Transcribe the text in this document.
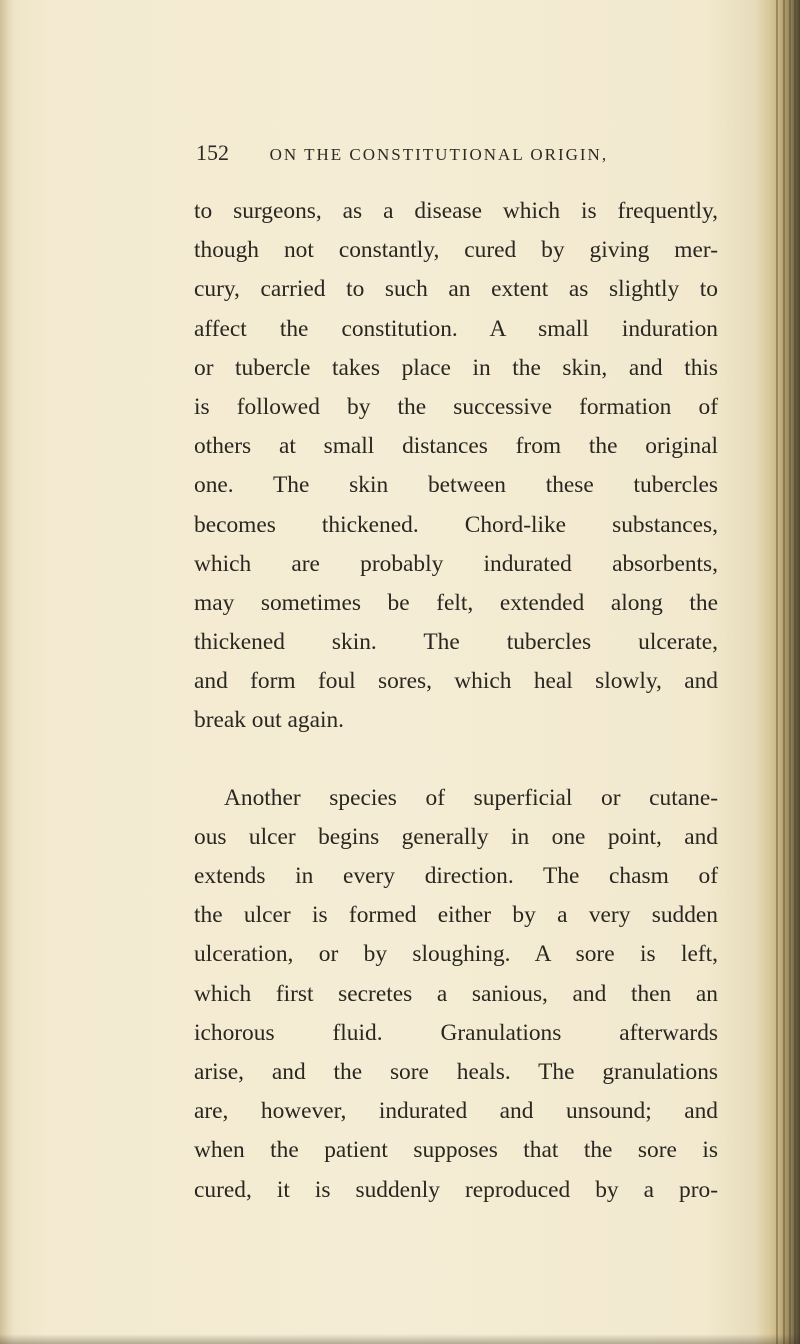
152 ON THE CONSTITUTIONAL ORIGIN,
to surgeons, as a disease which is frequently,
though not constantly, cured by giving mer-
cury, carried to such an extent as slightly to
affect the constitution. A small induration
or tubercle takes place in the skin, and this
is followed by the successive formation of
others at small distances from the original
one. The skin between these tubercles
becomes thickened. Chord-like substances,
which are probably indurated absorbents,
may sometimes be felt, extended along the
thickened skin. The tubercles ulcerate,
and form foul sores, which heal slowly, and
break out again.
Another species of superficial or cutane-
ous ulcer begins generally in one point, and
extends in every direction. The chasm of
the ulcer is formed either by a very sudden
ulceration, or by sloughing. A sore is left,
which first secretes a sanious, and then an
ichorous fluid. Granulations afterwards
arise, and the sore heals. The granulations
are, however, indurated and unsound; and
when the patient supposes that the sore is
cured, it is suddenly reproduced by a pro-
